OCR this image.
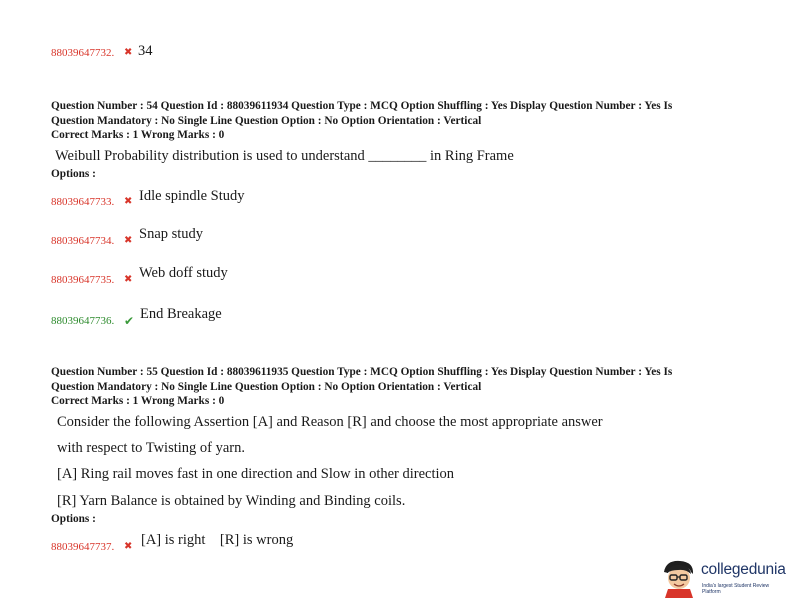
88039647732. ✖ 34
Question Number : 54 Question Id : 88039611934 Question Type : MCQ Option Shuffling : Yes Display Question Number : Yes Is
Question Mandatory : No Single Line Question Option : No Option Orientation : Vertical
Correct Marks : 1 Wrong Marks : 0
Weibull Probability distribution is used to understand ________ in Ring Frame
Options :
88039647733. ✖ Idle spindle Study
88039647734. ✖ Snap study
88039647735. ✖ Web doff study
88039647736. ✔ End Breakage
Question Number : 55 Question Id : 88039611935 Question Type : MCQ Option Shuffling : Yes Display Question Number : Yes Is
Question Mandatory : No Single Line Question Option : No Option Orientation : Vertical
Correct Marks : 1 Wrong Marks : 0
Consider the following Assertion [A] and Reason [R] and choose the most appropriate answer
with respect to Twisting of yarn.
[A] Ring rail moves fast in one direction and Slow in other direction
[R] Yarn Balance is obtained by Winding and Binding coils.
Options :
88039647737. ✖ [A] is right    [R] is wrong
collegedunia
India's largest Student Review Platform
